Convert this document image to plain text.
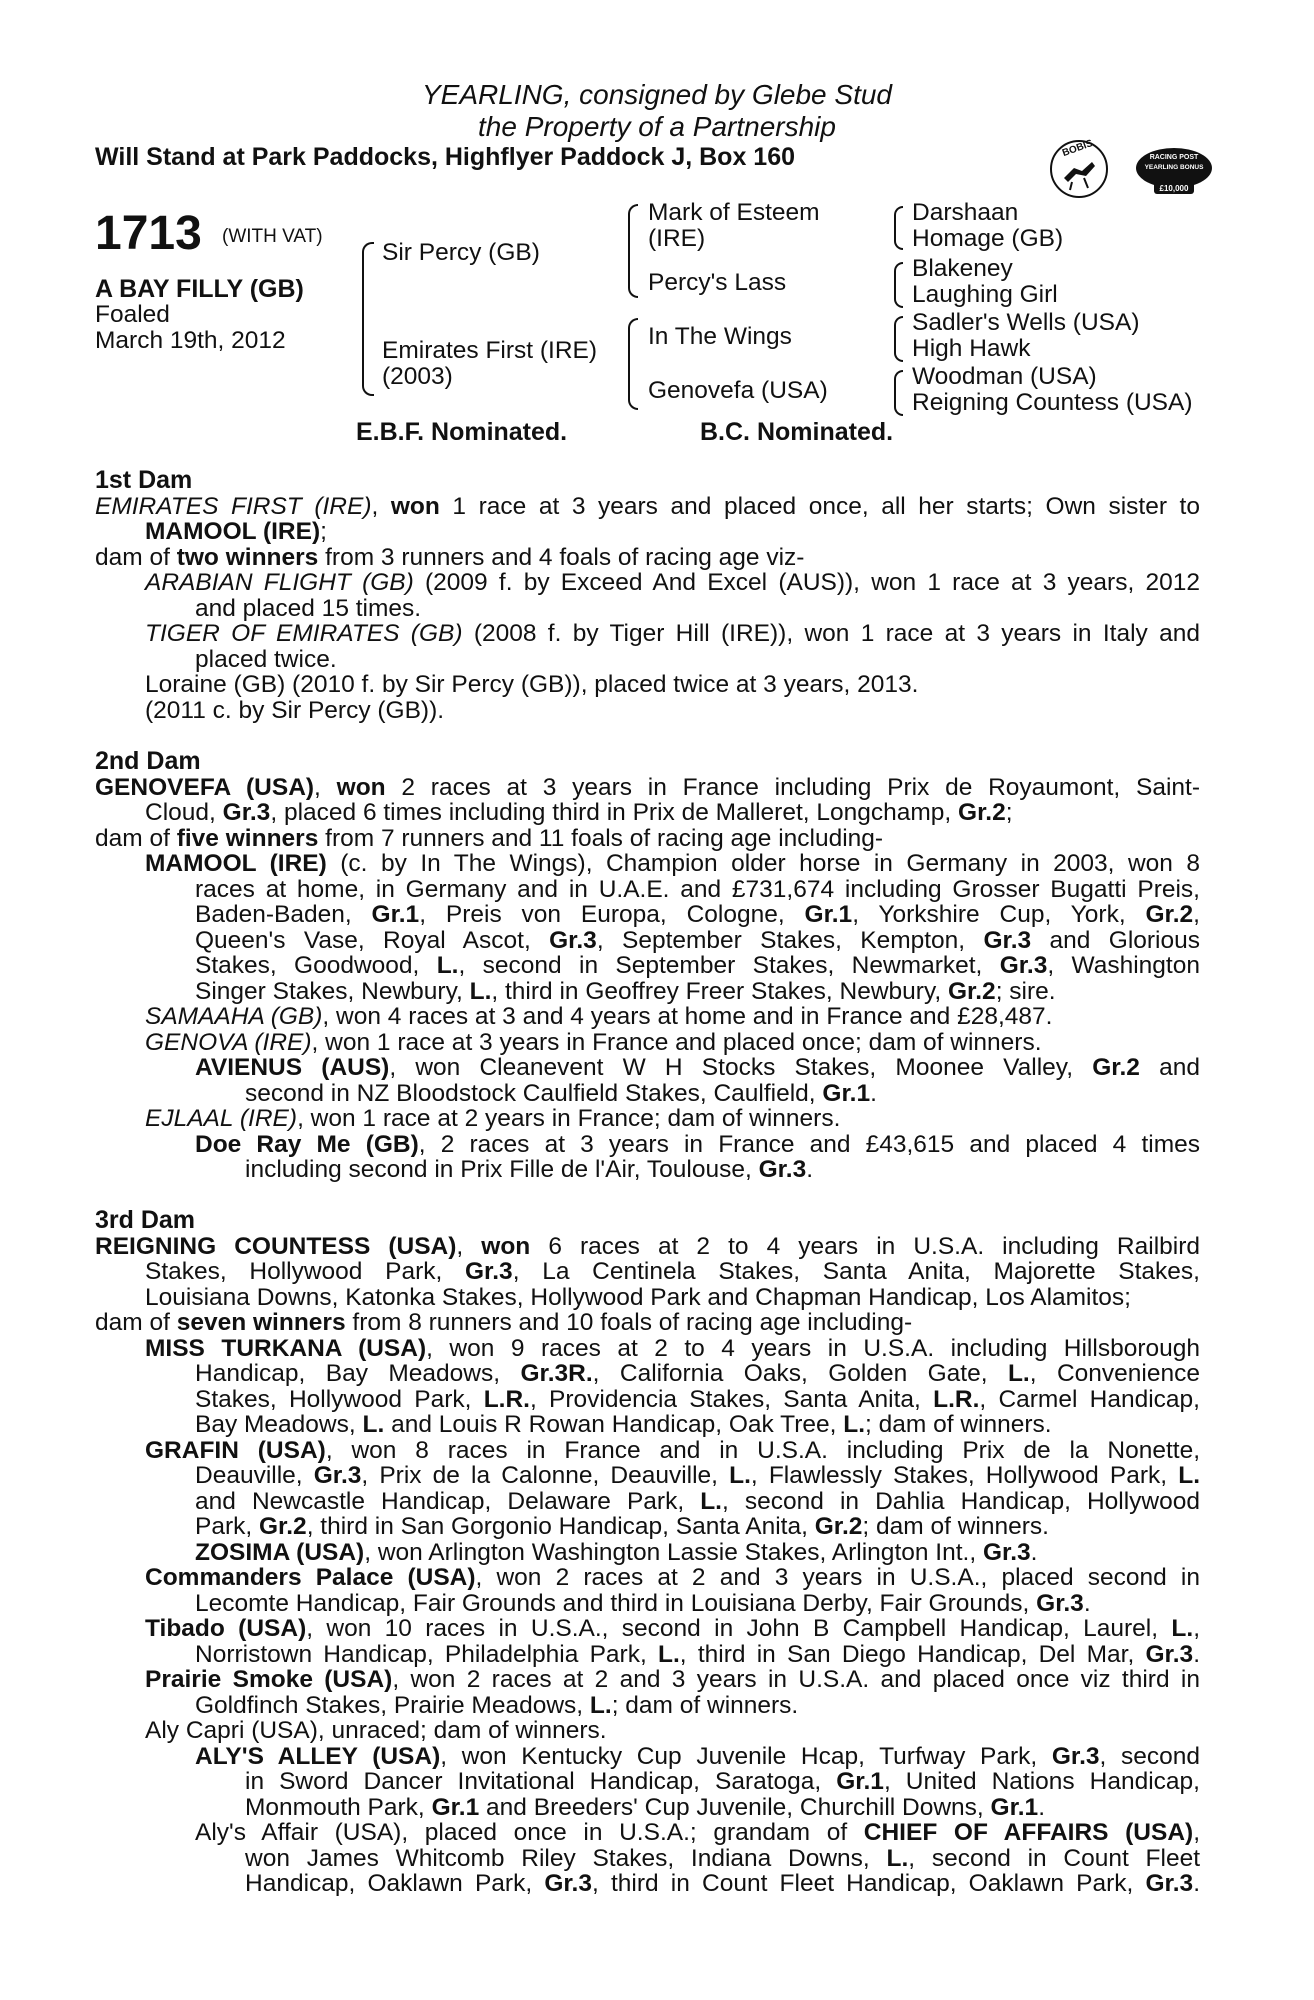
YEARLING, consigned by Glebe Stud
the Property of a Partnership
Will Stand at Park Paddocks, Highflyer Paddock J, Box 160	BOBIS	RACING POST
YEARLING BONUS
£10,000
1713 (WITH VAT)
A BAY FILLY (GB)
Foaled
March 19th, 2012
Sir Percy (GB)
Emirates First (IRE)
(2003)
Mark of Esteem
(IRE)
Percy's Lass
In The Wings
Genovefa (USA)
Darshaan
Homage (GB)
Blakeney
Laughing Girl
Sadler's Wells (USA)
High Hawk
Woodman (USA)
Reigning Countess (USA)
E.B.F. Nominated.	B.C. Nominated.
1st Dam
EMIRATES FIRST (IRE), won 1 race at 3 years and placed once, all her starts; Own sister to
MAMOOL (IRE);
dam of two winners from 3 runners and 4 foals of racing age viz-
ARABIAN FLIGHT (GB) (2009 f. by Exceed And Excel (AUS)), won 1 race at 3 years, 2012
and placed 15 times.
TIGER OF EMIRATES (GB) (2008 f. by Tiger Hill (IRE)), won 1 race at 3 years in Italy and
placed twice.
Loraine (GB) (2010 f. by Sir Percy (GB)), placed twice at 3 years, 2013.
(2011 c. by Sir Percy (GB)).
2nd Dam
GENOVEFA (USA), won 2 races at 3 years in France including Prix de Royaumont, Saint-
Cloud, Gr.3, placed 6 times including third in Prix de Malleret, Longchamp, Gr.2;
dam of five winners from 7 runners and 11 foals of racing age including-
MAMOOL (IRE) (c. by In The Wings), Champion older horse in Germany in 2003, won 8
races at home, in Germany and in U.A.E. and £731,674 including Grosser Bugatti Preis,
Baden-Baden, Gr.1, Preis von Europa, Cologne, Gr.1, Yorkshire Cup, York, Gr.2,
Queen's Vase, Royal Ascot, Gr.3, September Stakes, Kempton, Gr.3 and Glorious
Stakes, Goodwood, L., second in September Stakes, Newmarket, Gr.3, Washington
Singer Stakes, Newbury, L., third in Geoffrey Freer Stakes, Newbury, Gr.2; sire.
SAMAAHA (GB), won 4 races at 3 and 4 years at home and in France and £28,487.
GENOVA (IRE), won 1 race at 3 years in France and placed once; dam of winners.
AVIENUS (AUS), won Cleanevent W H Stocks Stakes, Moonee Valley, Gr.2 and
second in NZ Bloodstock Caulfield Stakes, Caulfield, Gr.1.
EJLAAL (IRE), won 1 race at 2 years in France; dam of winners.
Doe Ray Me (GB), 2 races at 3 years in France and £43,615 and placed 4 times
including second in Prix Fille de l'Air, Toulouse, Gr.3.
3rd Dam
REIGNING COUNTESS (USA), won 6 races at 2 to 4 years in U.S.A. including Railbird
Stakes, Hollywood Park, Gr.3, La Centinela Stakes, Santa Anita, Majorette Stakes,
Louisiana Downs, Katonka Stakes, Hollywood Park and Chapman Handicap, Los Alamitos;
dam of seven winners from 8 runners and 10 foals of racing age including-
MISS TURKANA (USA), won 9 races at 2 to 4 years in U.S.A. including Hillsborough
Handicap, Bay Meadows, Gr.3R., California Oaks, Golden Gate, L., Convenience
Stakes, Hollywood Park, L.R., Providencia Stakes, Santa Anita, L.R., Carmel Handicap,
Bay Meadows, L. and Louis R Rowan Handicap, Oak Tree, L.; dam of winners.
GRAFIN (USA), won 8 races in France and in U.S.A. including Prix de la Nonette,
Deauville, Gr.3, Prix de la Calonne, Deauville, L., Flawlessly Stakes, Hollywood Park, L.
and Newcastle Handicap, Delaware Park, L., second in Dahlia Handicap, Hollywood
Park, Gr.2, third in San Gorgonio Handicap, Santa Anita, Gr.2; dam of winners.
ZOSIMA (USA), won Arlington Washington Lassie Stakes, Arlington Int., Gr.3.
Commanders Palace (USA), won 2 races at 2 and 3 years in U.S.A., placed second in
Lecomte Handicap, Fair Grounds and third in Louisiana Derby, Fair Grounds, Gr.3.
Tibado (USA), won 10 races in U.S.A., second in John B Campbell Handicap, Laurel, L.,
Norristown Handicap, Philadelphia Park, L., third in San Diego Handicap, Del Mar, Gr.3.
Prairie Smoke (USA), won 2 races at 2 and 3 years in U.S.A. and placed once viz third in
Goldfinch Stakes, Prairie Meadows, L.; dam of winners.
Aly Capri (USA), unraced; dam of winners.
ALY'S ALLEY (USA), won Kentucky Cup Juvenile Hcap, Turfway Park, Gr.3, second
in Sword Dancer Invitational Handicap, Saratoga, Gr.1, United Nations Handicap,
Monmouth Park, Gr.1 and Breeders' Cup Juvenile, Churchill Downs, Gr.1.
Aly's Affair (USA), placed once in U.S.A.; grandam of CHIEF OF AFFAIRS (USA),
won James Whitcomb Riley Stakes, Indiana Downs, L., second in Count Fleet
Handicap, Oaklawn Park, Gr.3, third in Count Fleet Handicap, Oaklawn Park, Gr.3.
